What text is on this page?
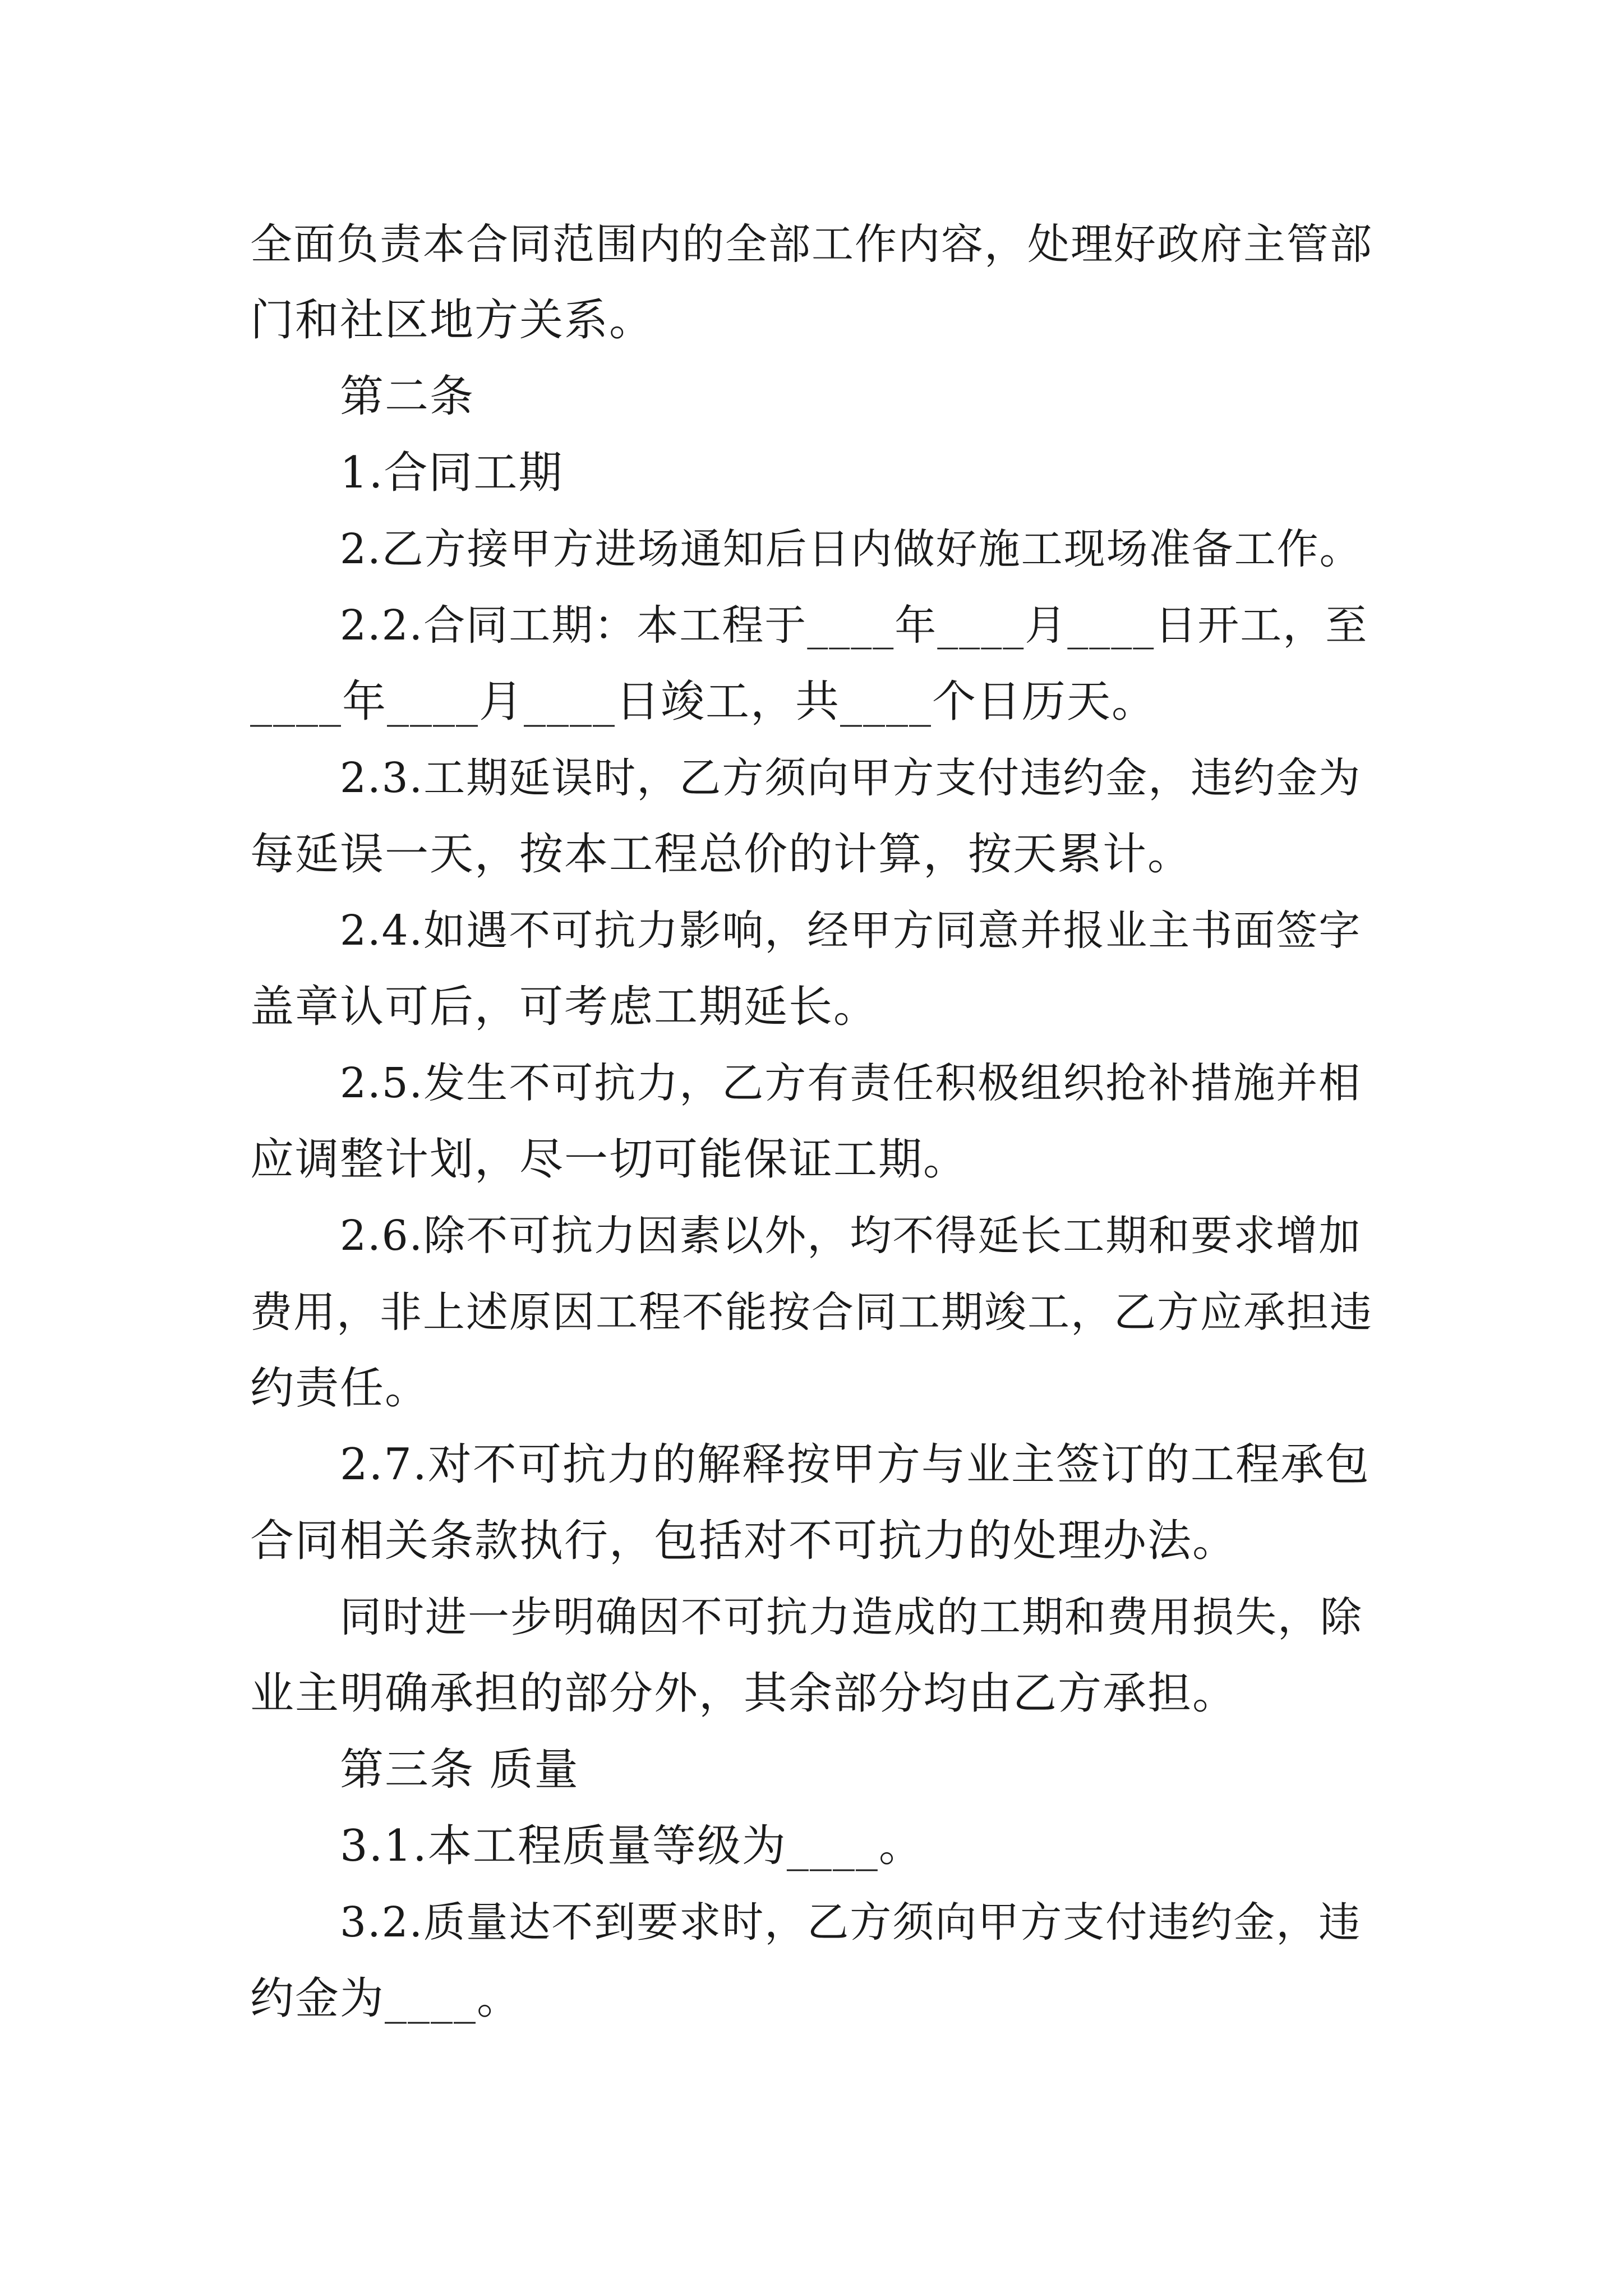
全面负责本合同范围内的全部工作内容，处理好政府主管部
门和社区地方关系。
第二条
1.合同工期
2.乙方接甲方进场通知后日内做好施工现场准备工作。
2.2.合同工期：本工程于____年____月____日开工，至
____年____月____日竣工，共____个日历天。
2.3.工期延误时，乙方须向甲方支付违约金，违约金为
每延误一天，按本工程总价的计算，按天累计。
2.4.如遇不可抗力影响，经甲方同意并报业主书面签字
盖章认可后，可考虑工期延长。
2.5.发生不可抗力，乙方有责任积极组织抢补措施并相
应调整计划，尽一切可能保证工期。
2.6.除不可抗力因素以外，均不得延长工期和要求增加
费用，非上述原因工程不能按合同工期竣工，乙方应承担违
约责任。
2.7.对不可抗力的解释按甲方与业主签订的工程承包
合同相关条款执行，包括对不可抗力的处理办法。
同时进一步明确因不可抗力造成的工期和费用损失，除
业主明确承担的部分外，其余部分均由乙方承担。
第三条 质量
3.1.本工程质量等级为____。
3.2.质量达不到要求时，乙方须向甲方支付违约金，违
约金为____。
